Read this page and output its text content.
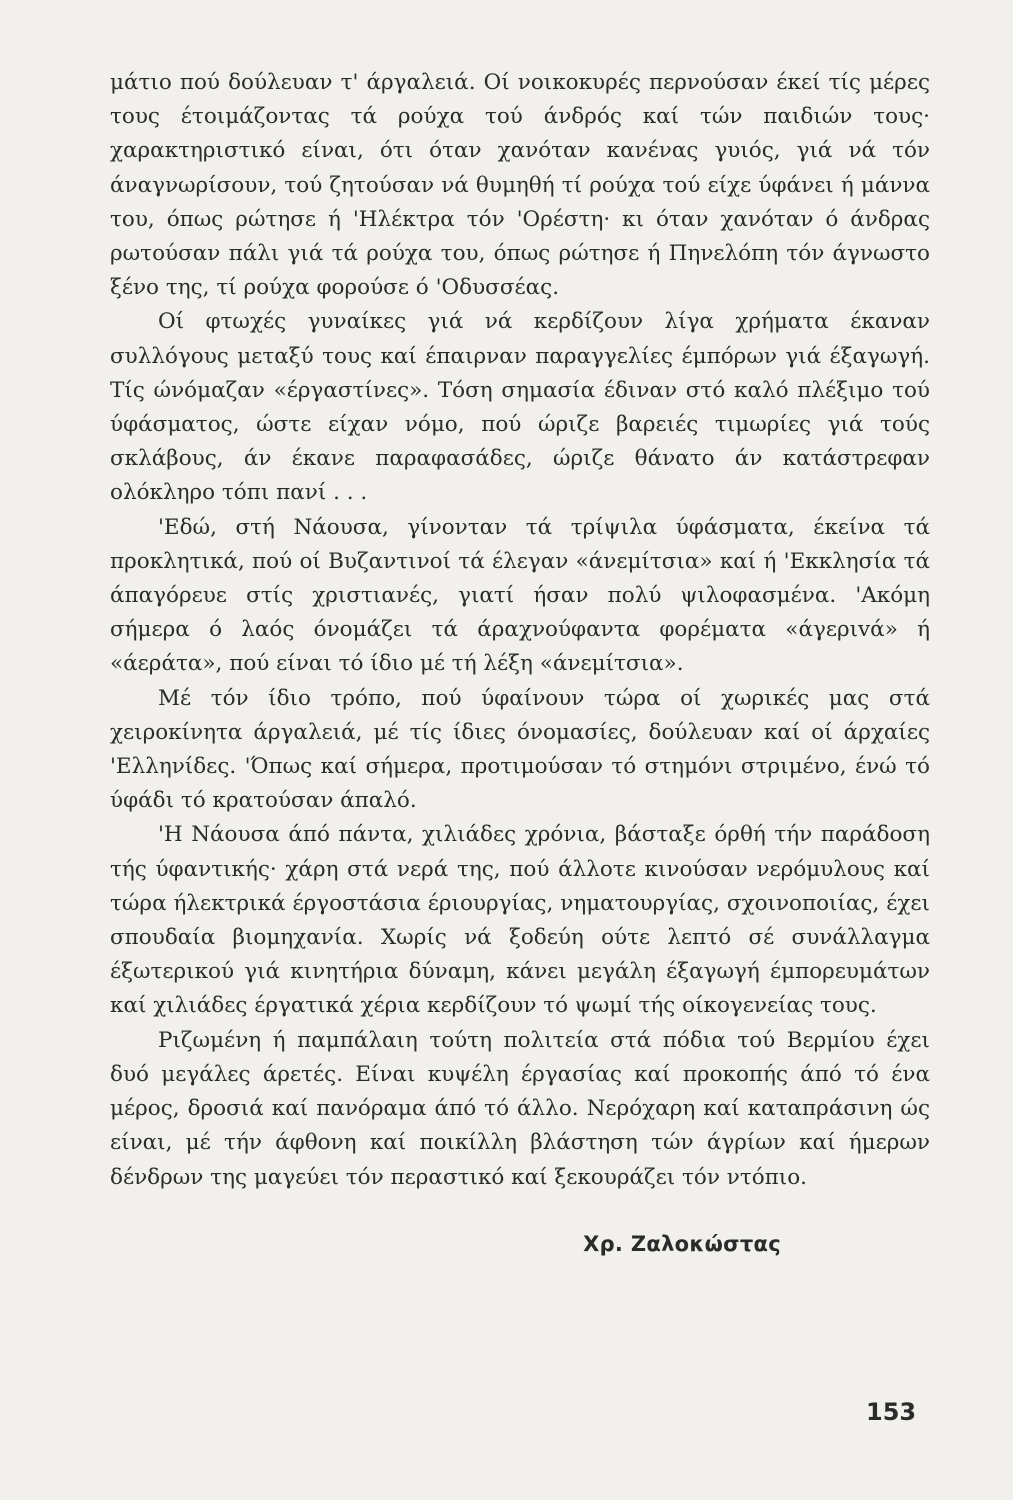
μάτιο πού δούλευαν τ' άργαλειά. Οί νοικοκυρές περνούσαν έκεί τίς μέρες τους έτοιμάζοντας τά ρούχα τού άνδρός καί τών παιδιών τους· χαρακτηριστικό είναι, ότι όταν χανόταν κανένας γυιός, γιά νά τόν άναγνωρίσουν, τού ζητούσαν νά θυμηθή τί ρούχα τού είχε ύφάνει ή μάννα του, όπως ρώτησε ή 'Ηλέκτρα τόν 'Ορέστη· κι όταν χανόταν ό άνδρας ρωτούσαν πάλι γιά τά ρούχα του, όπως ρώτησε ή Πηνελόπη τόν άγνωστο ξένο της, τί ρούχα φορούσε ό 'Οδυσσέας.

Οί φτωχές γυναίκες γιά νά κερδίζουν λίγα χρήματα έκαναν συλλόγους μεταξύ τους καί έπαιρναν παραγγελίες έμπόρων γιά έξαγωγή. Τίς ώνόμαζαν «έργαστίνες». Τόση σημασία έδιναν στό καλό πλέξιμο τού ύφάσματος, ώστε είχαν νόμο, πού ώριζε βαρειές τιμωρίες γιά τούς σκλάβους, άν έκανε παραφασάδες, ώριζε θάνατο άν κατάστρεφαν ολόκληρο τόπι πανί . . .

'Εδώ, στή Νάουσα, γίνονταν τά τρίψιλα ύφάσματα, έκείνα τά προκλητικά, πού οί Βυζαντινοί τά έλεγαν «άνεμίτσια» καί ή 'Εκκλησία τά άπαγόρευε στίς χριστιανές, γιατί ήσαν πολύ ψιλοφασμένα. 'Ακόμη σήμερα ό λαός όνομάζει τά άραχνούφαντα φορέματα «άγεριvά» ή «άεράτα», πού είναι τό ίδιο μέ τή λέξη «άνεμίτσια».

Μέ τόν ίδιο τρόπο, πού ύφαίνουν τώρα οί χωρικές μας στά χειροκίνητα άργαλειά, μέ τίς ίδιες όνομασίες, δούλευαν καί οί άρχαίες 'Ελληνίδες. 'Όπως καί σήμερα, προτιμούσαν τό στημόνι στριμένο, ένώ τό ύφάδι τό κρατούσαν άπαλό.

'Η Νάουσα άπό πάντα, χιλιάδες χρόνια, βάσταξε όρθή τήν παράδοση τής ύφαντικής· χάρη στά νερά της, πού άλλοτε κινούσαν νερόμυλους καί τώρα ήλεκτρικά έργοστάσια έριουργίας, νηματουργίας, σχοινοποιίας, έχει σπουδαία βιομηχανία. Χωρίς νά ξοδεύη ούτε λεπτό σέ συνάλλαγμα έξωτερικού γιά κινητήρια δύναμη, κάνει μεγάλη έξαγωγή έμπορευμάτων καί χιλιάδες έργατικά χέρια κερδίζουν τό ψωμί τής οίκογενείας τους.

Ριζωμένη ή παμπάλαιη τούτη πολιτεία στά πόδια τού Βερμίου έχει δυό μεγάλες άρετές. Είναι κυψέλη έργασίας καί προκοπής άπό τό ένα μέρος, δροσιά καί πανόραμα άπό τό άλλο. Νερόχαρη καί καταπράσινη ώς είναι, μέ τήν άφθονη καί ποικίλλη βλάστηση τών άγρίων καί ήμερων δένδρων της μαγεύει τόν περαστικό καί ξεκουράζει τόν ντόπιο.

Χρ. Ζαλοκώστας
153
